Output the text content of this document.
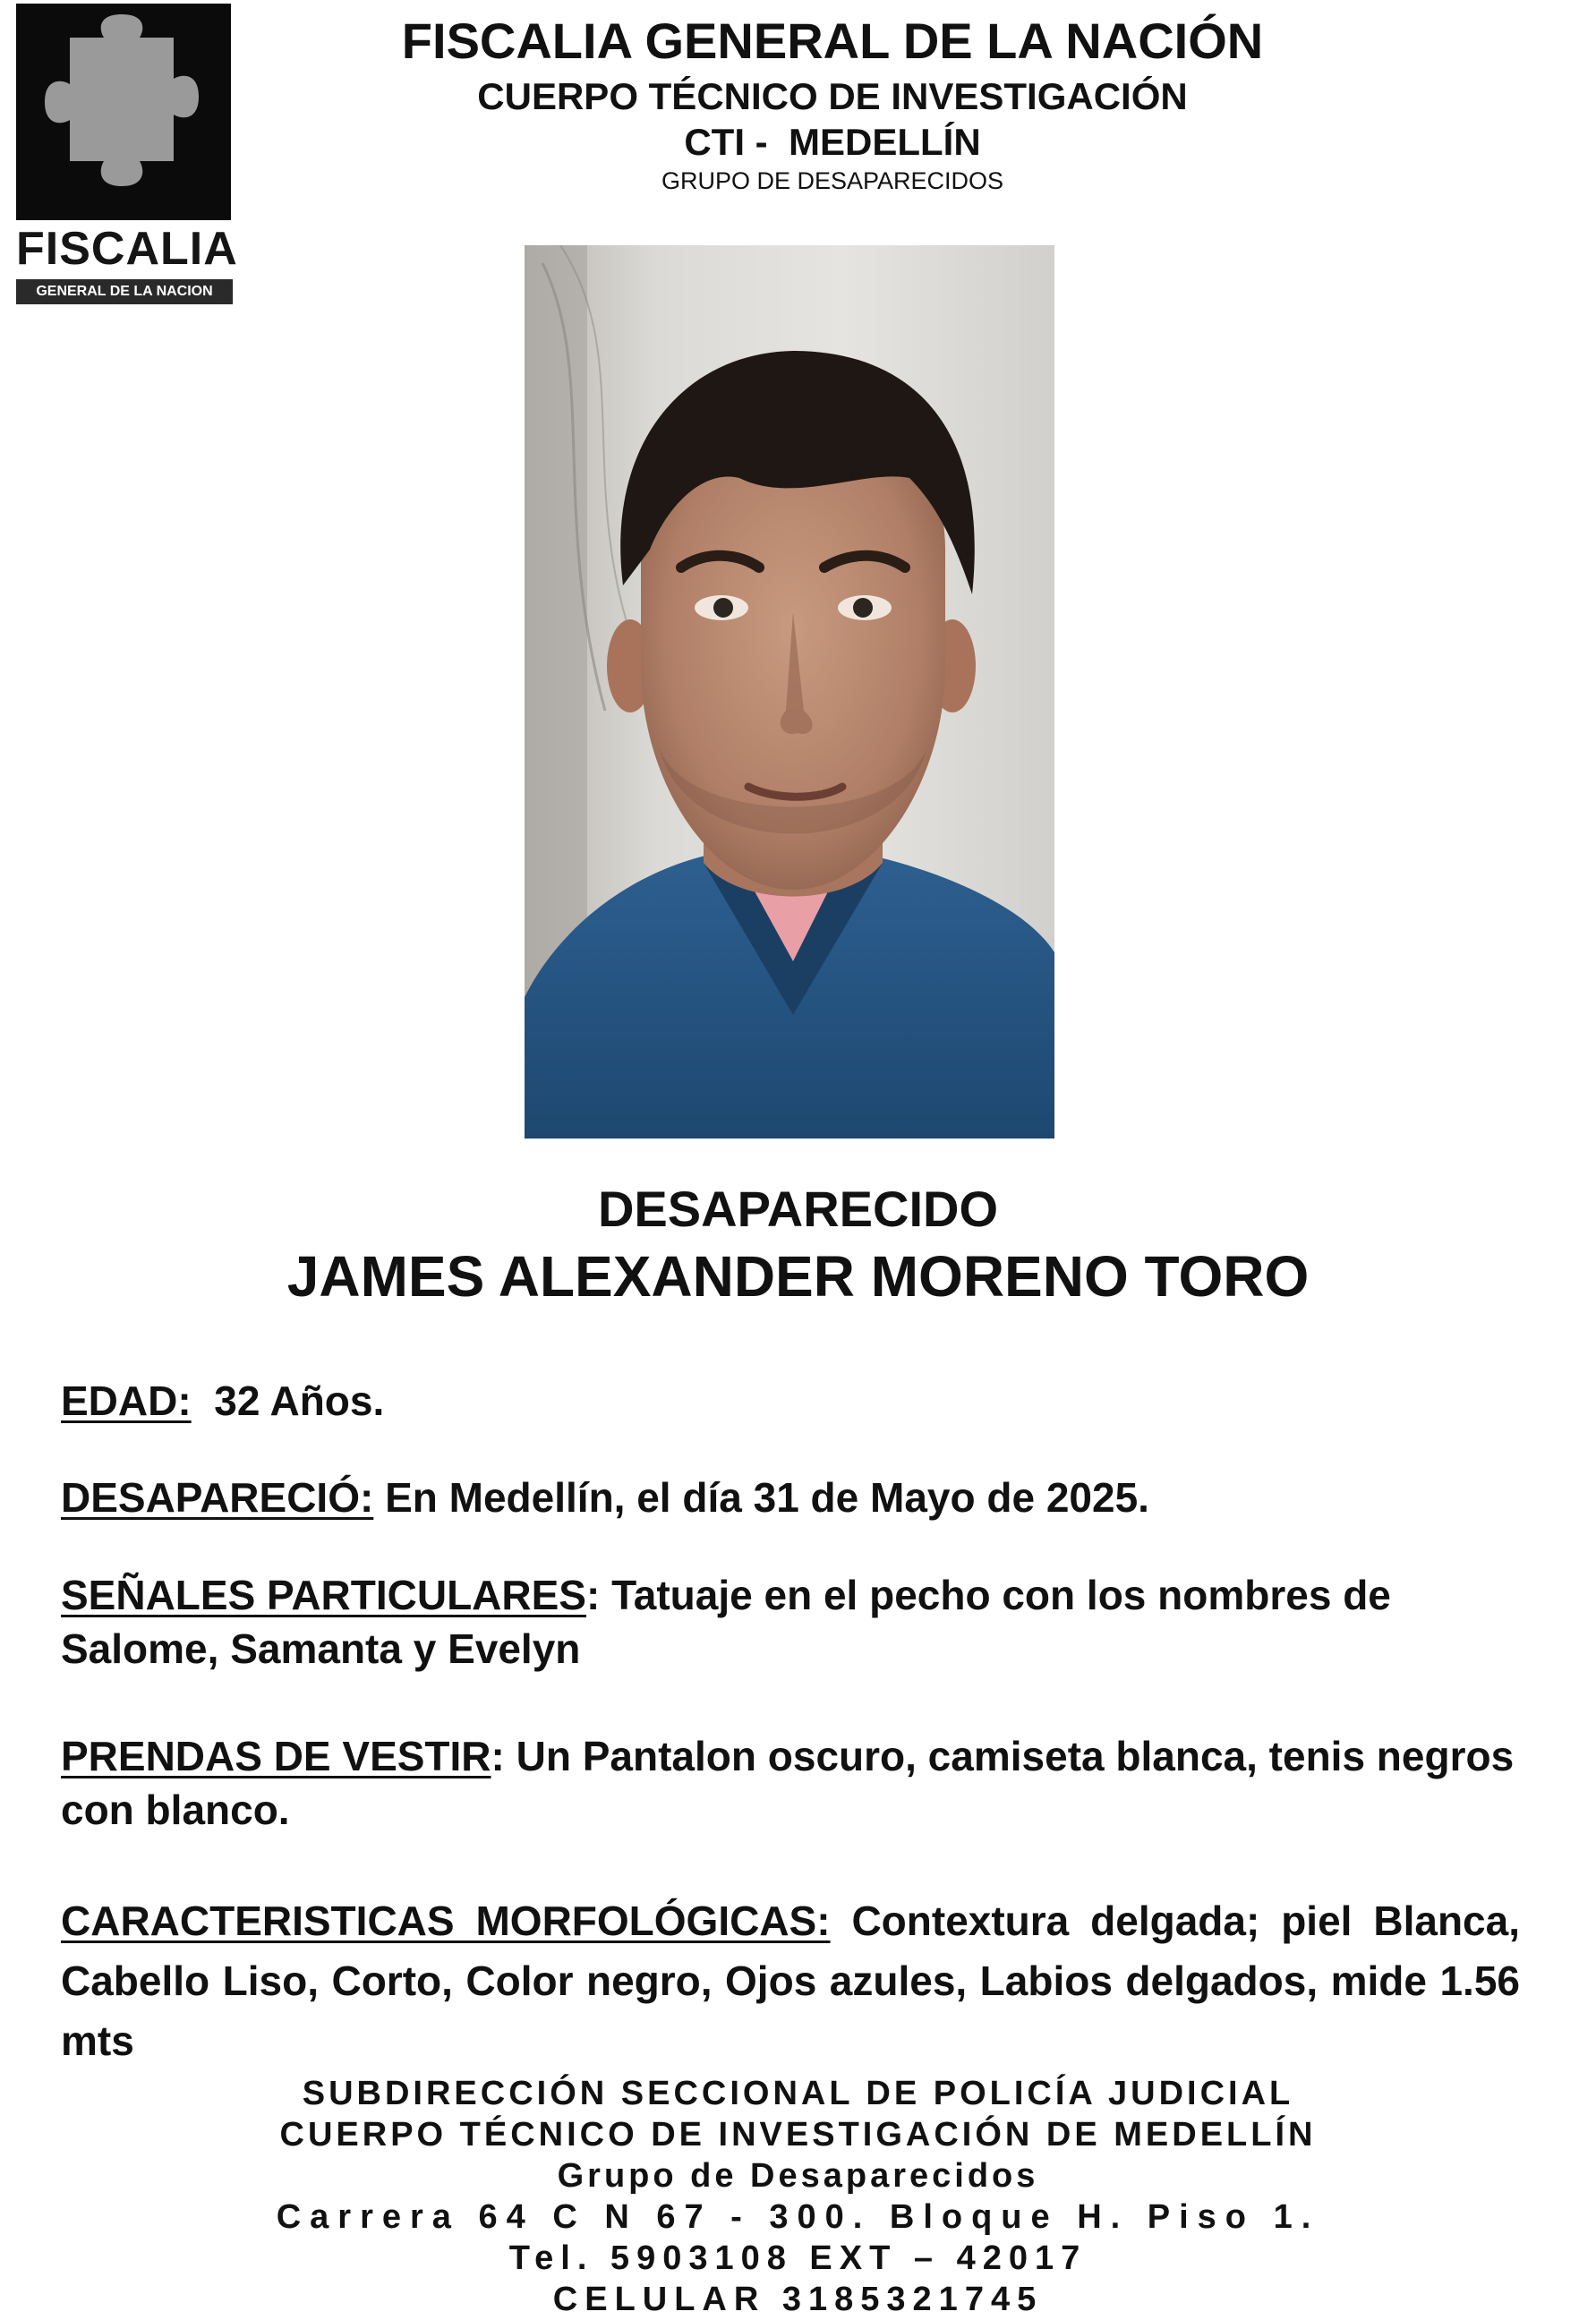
FISCALIA
GENERAL DE LA NACION
FISCALIA GENERAL DE LA NACIÓN
CUERPO TÉCNICO DE INVESTIGACIÓN
CTI -  MEDELLÍN
GRUPO DE DESAPARECIDOS
DESAPARECIDO
JAMES ALEXANDER MORENO TORO
EDAD: 32 Años.
DESAPARECIÓ: En Medellín, el día 31 de Mayo de 2025.
SEÑALES PARTICULARES: Tatuaje en el pecho con los nombres de Salome, Samanta y Evelyn
PRENDAS DE VESTIR: Un Pantalon oscuro, camiseta blanca, tenis negros con blanco.
CARACTERISTICAS MORFOLÓGICAS: Contextura delgada; piel Blanca, Cabello Liso, Corto, Color negro, Ojos azules, Labios delgados, mide 1.56 mts
SUBDIRECCIÓN SECCIONAL DE POLICÍA JUDICIAL
CUERPO TÉCNICO DE INVESTIGACIÓN DE MEDELLÍN
Grupo de Desaparecidos
Carrera 64 C N 67 - 300. Bloque H. Piso 1.
Tel. 5903108 EXT – 42017
CELULAR 3185321745
